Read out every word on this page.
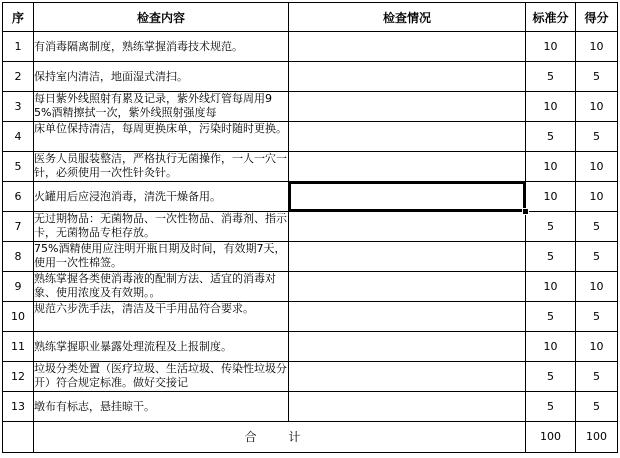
序	检查内容	检查情况	标准分	得分
1	有消毒隔离制度，熟练掌握消毒技术规范。		10	10
2	保持室内清洁，地面湿式清扫。		5	5
3	每日紫外线照射有累及记录，紫外线灯管每周用95%酒精擦拭一次，紫外线照射强度每		10	10
4	床单位保持清洁，每周更换床单，污染时随时更换。		5	5
5	医务人员服装整洁，严格执行无菌操作，一人一穴一针，必须使用一次性针灸针。		10	10
6	火罐用后应浸泡消毒，清洗干燥备用。		10	10
7	无过期物品：无菌物品、一次性物品、消毒剂、指示卡，无菌物品专柜存放。		5	5
8	75%酒精使用应注明开瓶日期及时间，有效期7天，使用一次性棉签。		5	5
9	熟练掌握各类使消毒液的配制方法、适宜的消毒对象、使用浓度及有效期。。		10	10
10	规范六步洗手法，清洁及干手用品符合要求。		5	5
11	熟练掌握职业暴露处理流程及上报制度。		10	10
12	垃圾分类处置（医疗垃圾、生活垃圾、传染性垃圾分开）符合规定标准。做好交接记		5	5
13	墩布有标志，悬挂晾干。		5	5
	合 计		100	100
